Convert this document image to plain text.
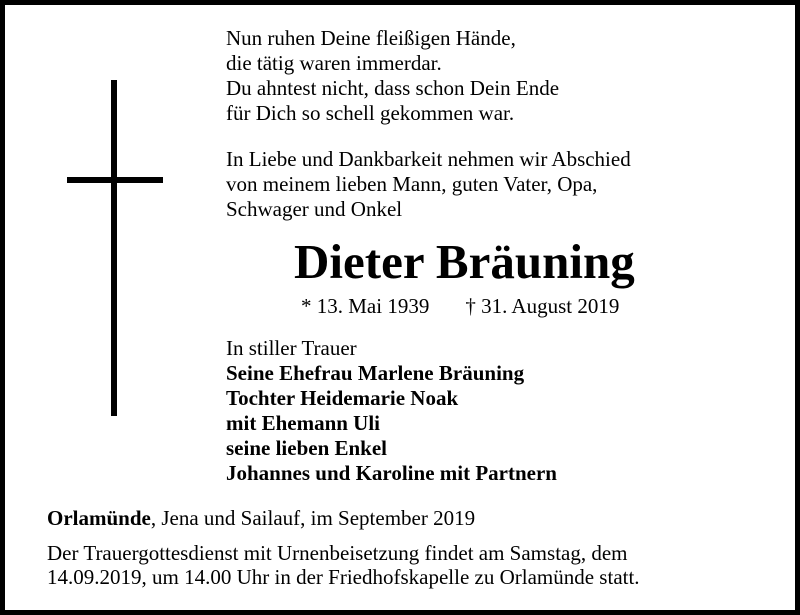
Nun ruhen Deine fleißigen Hände,
die tätig waren immerdar.
Du ahntest nicht, dass schon Dein Ende
für Dich so schell gekommen war.
In Liebe und Dankbarkeit nehmen wir Abschied
von meinem lieben Mann, guten Vater, Opa,
Schwager und Onkel
Dieter Bräuning
* 13. Mai 1939 † 31. August 2019
In stiller Trauer
Seine Ehefrau Marlene Bräuning
Tochter Heidemarie Noak
mit Ehemann Uli
seine lieben Enkel
Johannes und Karoline mit Partnern
Orlamünde, Jena und Sailauf, im September 2019
Der Trauergottesdienst mit Urnenbeisetzung findet am Samstag, dem
14.09.2019, um 14.00 Uhr in der Friedhofskapelle zu Orlamünde statt.
